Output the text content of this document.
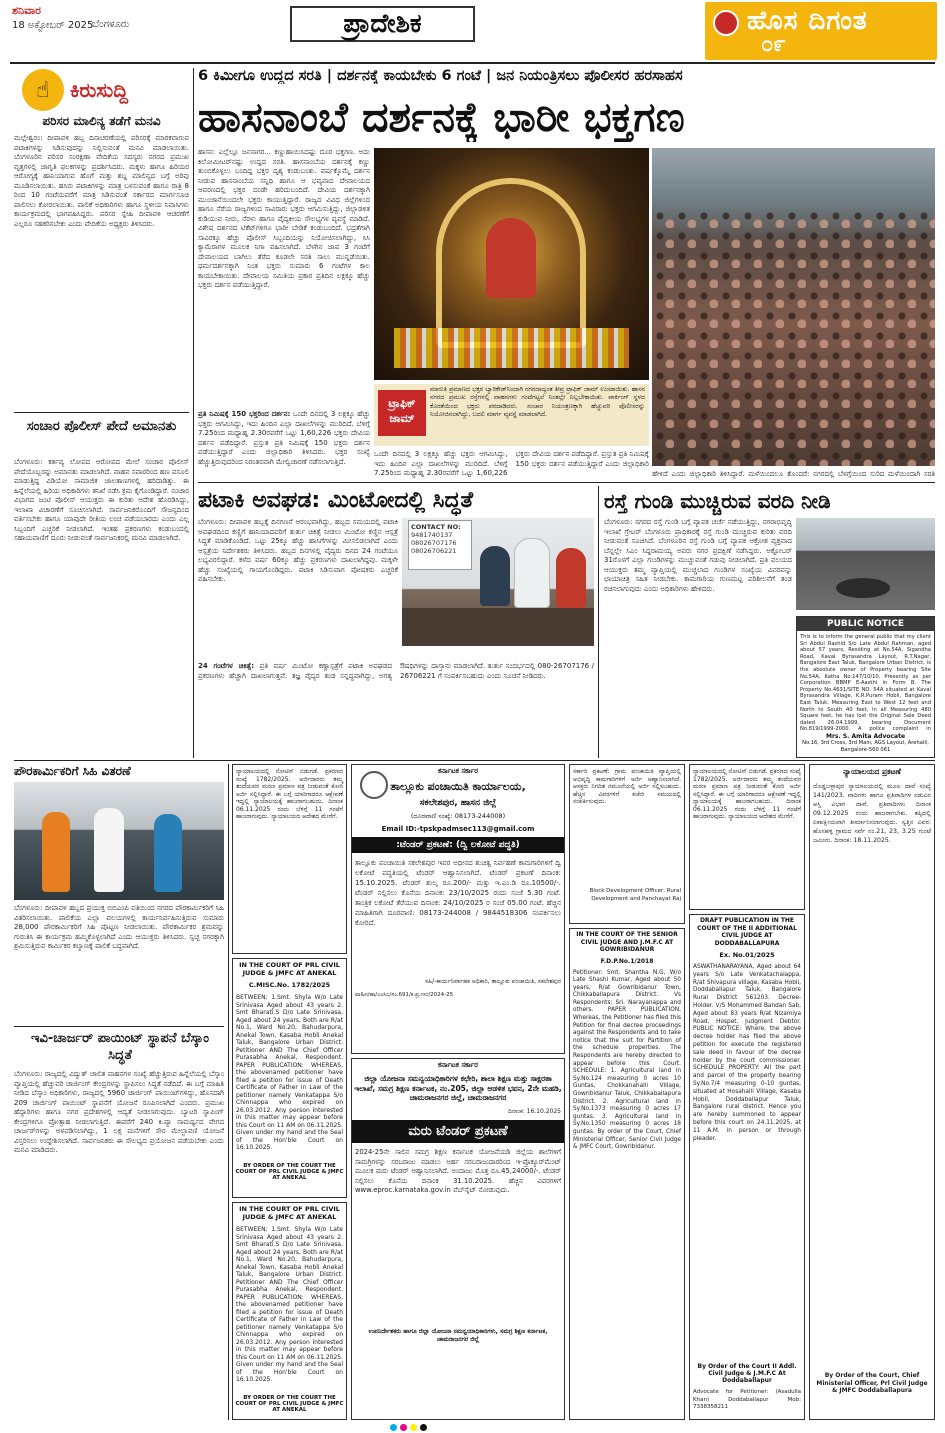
ಶನಿವಾರ
18 ಅಕ್ಟೋಬರ್ 2025
ಬೆಂಗಳೂರು	ಪ್ರಾದೇಶಿಕ	ಹೊಸ ದಿಗಂತ
೦೯
☝	ಕಿರುಸುದ್ದಿ
ಪರಿಸರ ಮಾಲಿನ್ಯ ತಡೆಗೆ ಮನವಿ
ಮಲ್ಲೇಶ್ವರಂ: ದೀಪಾವಳಿ ಹಬ್ಬ ದಿನಾಚರಣೆಯಲ್ಲಿ ಪರಿಸರಕ್ಕೆ ಮಾರಕವಾಗುವ ಪಟಾಕಿಗಳನ್ನು ಸಿಡಿಸುವುದನ್ನು ನಿಲ್ಲಿಸುವಂತೆ ಮನವಿ ಮಾಡಲಾಯಿತು. ಬೆಂಗಳೂರಿನ ಪರಿಸರ ಸಂರಕ್ಷಣಾ ವೇದಿಕೆಯ ಸದಸ್ಯರು ನಗರದ ಪ್ರಮುಖ ವೃತ್ತಗಳಲ್ಲಿ ಜಾಗೃತಿ ಫಲಕಗಳನ್ನು ಪ್ರದರ್ಶಿಸಿದರು. ಮಕ್ಕಳು ಹಾಗೂ ಹಿರಿಯರ ಆರೋಗ್ಯಕ್ಕೆ ಹಾನಿಯಾಗುವ ಹೊಗೆ ಮತ್ತು ಶಬ್ದ ಮಾಲಿನ್ಯದ ಬಗ್ಗೆ ಅರಿವು ಮೂಡಿಸಲಾಯಿತು. ಹಸಿರು ಪಟಾಕಿಗಳನ್ನು ಮಾತ್ರ ಬಳಸುವಂತೆ ಹಾಗೂ ರಾತ್ರಿ 8 ರಿಂದ 10 ಗಂಟೆಯವರೆಗೆ ಮಾತ್ರ ಸಿಡಿಸುವಂತೆ ಸರ್ಕಾರದ ಮಾರ್ಗಸೂಚಿ ಪಾಲಿಸಲು ಕೋರಲಾಯಿತು. ಪಾಲಿಕೆ ಅಧಿಕಾರಿಗಳು ಹಾಗೂ ಸ್ಥಳೀಯ ನಿವಾಸಿಗಳು ಕಾರ್ಯಕ್ರಮದಲ್ಲಿ ಭಾಗವಹಿಸಿದ್ದರು. ಪರಿಸರ ಸ್ನೇಹಿ ದೀಪಾವಳಿ ಆಚರಣೆಗೆ ಎಲ್ಲರೂ ಸಹಕರಿಸಬೇಕು ಎಂದು ವೇದಿಕೆಯ ಅಧ್ಯಕ್ಷರು ತಿಳಿಸಿದರು.
ಸಂಚಾರ ಪೊಲೀಸ್ ಪೇದೆ ಅಮಾನತು
ಬೆಂಗಳೂರು: ಕರ್ತವ್ಯ ಲೋಪದ ಆರೋಪದ ಮೇಲೆ ಸಂಚಾರ ಪೊಲೀಸ್ ಪೇದೆಯೊಬ್ಬರನ್ನು ಅಮಾನತು ಮಾಡಲಾಗಿದೆ. ವಾಹನ ಸವಾರರಿಂದ ಹಣ ವಸೂಲಿ ಮಾಡುತ್ತಿದ್ದ ವಿಡಿಯೋ ಸಾಮಾಜಿಕ ಜಾಲತಾಣಗಳಲ್ಲಿ ಹರಿದಾಡಿತ್ತು. ಈ ಹಿನ್ನೆಲೆಯಲ್ಲಿ ಹಿರಿಯ ಅಧಿಕಾರಿಗಳು ತನಿಖೆ ನಡೆಸಿ ಕ್ರಮ ಕೈಗೊಂಡಿದ್ದಾರೆ. ಸಂಚಾರ ವಿಭಾಗದ ಜಂಟಿ ಪೊಲೀಸ್ ಆಯುಕ್ತರು ಈ ಕುರಿತು ಆದೇಶ ಹೊರಡಿಸಿದ್ದು, ಇಲಾಖಾ ವಿಚಾರಣೆಗೆ ಸೂಚಿಸಲಾಗಿದೆ. ಸಾರ್ವಜನಿಕರೊಂದಿಗೆ ಸೌಜನ್ಯದಿಂದ ವರ್ತಿಸಬೇಕು ಹಾಗೂ ಯಾವುದೇ ರೀತಿಯ ಲಂಚ ಪಡೆಯಬಾರದು ಎಂದು ಎಲ್ಲ ಸಿಬ್ಬಂದಿಗೆ ಎಚ್ಚರಿಕೆ ನೀಡಲಾಗಿದೆ. ಇಂತಹ ಪ್ರಕರಣಗಳು ಕಂಡುಬಂದಲ್ಲಿ ಸಹಾಯವಾಣಿಗೆ ದೂರು ನೀಡುವಂತೆ ಸಾರ್ವಜನಿಕರಲ್ಲಿ ಮನವಿ ಮಾಡಲಾಗಿದೆ.
6 ಕಿಮೀಗೂ ಉದ್ದದ ಸರತಿ | ದರ್ಶನಕ್ಕೆ ಕಾಯಬೇಕು 6 ಗಂಟೆ | ಜನ ನಿಯಂತ್ರಿಸಲು ಪೊಲೀಸರ ಹರಸಾಹಸ
ಹಾಸನಾಂಬೆ ದರ್ಶನಕ್ಕೆ ಭಾರೀ ಭಕ್ತಗಣ
ಹಾಸನ: ಎಲ್ಲೆಲ್ಲೂ ಜನಸಾಗರ... ಕಣ್ಣುಹಾಯಿಸಿದಷ್ಟು ದೂರ ಭಕ್ತಗಣ. ಅದು ಕಿಲೋಮೀಟರ್‌ನಷ್ಟು ಉದ್ದದ ಸರತಿ. ಹಾಸನಾಂಬೆಯ ದರ್ಶನಕ್ಕೆ ಕಣ್ಣು ತುಂಬಿಕೊಳ್ಳಲು ಬಂದಿದ್ದ ಭಕ್ತರ ದೃಶ್ಯ ಕಂಡುಬಂತು. ವರ್ಷಕ್ಕೊಮ್ಮೆ ದರ್ಶನ ನೀಡುವ ಹಾಸನಾಂಬೆಯ ಸನ್ನಿಧಿ ಹಾಗೂ ಆ ಭವ್ಯವಾದ ದೇವಾಲಯದ ಆವರಣದಲ್ಲಿ ಭಕ್ತರ ದಂಡೇ ಹರಿದುಬಂದಿದೆ. ದೇವಿಯ ದರ್ಶನಕ್ಕಾಗಿ ಮುಂಜಾನೆಯಿಂದಲೇ ಭಕ್ತರು ಕಾಯುತ್ತಿದ್ದಾರೆ. ರಾಜ್ಯದ ವಿವಿಧ ಜಿಲ್ಲೆಗಳಿಂದ ಹಾಗೂ ನೆರೆಯ ರಾಜ್ಯಗಳಿಂದ ಸಾವಿರಾರು ಭಕ್ತರು ಆಗಮಿಸುತ್ತಿದ್ದು, ಜಿಲ್ಲಾಡಳಿತ ಕುಡಿಯುವ ನೀರು, ನೆರಳು ಹಾಗೂ ವೈದ್ಯಕೀಯ ಸೌಲಭ್ಯಗಳ ವ್ಯವಸ್ಥೆ ಮಾಡಿದೆ. ವಿಶೇಷ ದರ್ಶನದ ಟಿಕೆಟ್‌ಗಳಿಗೂ ಭಾರೀ ಬೇಡಿಕೆ ಕಂಡುಬಂದಿದೆ. ಭದ್ರತೆಗಾಗಿ ಸಾವಿರಕ್ಕೂ ಹೆಚ್ಚು ಪೊಲೀಸ್ ಸಿಬ್ಬಂದಿಯನ್ನು ನಿಯೋಜಿಸಲಾಗಿದ್ದು, ಸಿಸಿ ಕ್ಯಾಮೆರಾಗಳ ಮೂಲಕ ನಿಗಾ ವಹಿಸಲಾಗಿದೆ. ಬೆಳಗಿನ ಜಾವ 3 ಗಂಟೆಗೆ ದೇವಾಲಯದ ಬಾಗಿಲು ತೆರೆದ ಕೂಡಲೇ ಸರತಿ ಸಾಲು ಮುನ್ನಡೆಯಿತು. ಧರ್ಮದರ್ಶನಕ್ಕಾಗಿ ನಿಂತ ಭಕ್ತರು ಸುಮಾರು 6 ಗಂಟೆಗಳ ಕಾಲ ಕಾಯಬೇಕಾಯಿತು. ದೇವಾಲಯ ಸಮಿತಿಯ ಪ್ರಕಾರ ಪ್ರತಿದಿನ ಲಕ್ಷಕ್ಕೂ ಹೆಚ್ಚು ಭಕ್ತರು ದರ್ಶನ ಪಡೆಯುತ್ತಿದ್ದಾರೆ.
ಪ್ರತಿ ನಿಮಿಷಕ್ಕೆ 150 ಭಕ್ತರಿಂದ ದರ್ಶನ: ಒಂದೇ ದಿನದಲ್ಲಿ 3 ಲಕ್ಷಕ್ಕೂ ಹೆಚ್ಚು ಭಕ್ತರು ಆಗಮಿಸಿದ್ದು, ಇದು ಹಿಂದಿನ ಎಲ್ಲಾ ದಾಖಲೆಗಳನ್ನು ಮುರಿದಿದೆ. ಬೆಳಿಗ್ಗೆ 7.25ರಿಂದ ಮಧ್ಯಾಹ್ನ 2.30ರವರೆಗೆ ಒಟ್ಟು 1,60,226 ಭಕ್ತರು ದೇವಿಯ ದರ್ಶನ ಪಡೆದಿದ್ದಾರೆ. ಪ್ರಸ್ತುತ ಪ್ರತಿ ನಿಮಿಷಕ್ಕೆ 150 ಭಕ್ತರು ದರ್ಶನ ಪಡೆಯುತ್ತಿದ್ದಾರೆ ಎಂದು ಜಿಲ್ಲಾಧಿಕಾರಿ ತಿಳಿಸಿದರು. ಭಕ್ತರ ಸಂಖ್ಯೆ ಹೆಚ್ಚುತ್ತಿರುವುದರಿಂದ ನಿರಂತರವಾಗಿ ಮೇಲ್ವಿಚಾರಣೆ ನಡೆಸಲಾಗುತ್ತಿದೆ.
ಟ್ರಾಫಿಕ್ ಜಾಮ್
ಮಾರುತಿ ಪ್ರಮಾಣದ ಭಕ್ತರ ಬ್ಯಾರಿಕೇಡ್‌ನಿಂದಾಗಿ ನಗರದಾದ್ಯಂತ ತೀವ್ರ ಟ್ರಾಫಿಕ್ ಜಾಮ್ ಉಂಟಾಯಿತು. ಹಾಸನ ನಗರದ ಪ್ರಮುಖ ರಸ್ತೆಗಳಲ್ಲಿ ವಾಹನಗಳು ಗಂಟೆಗಟ್ಟಲೆ ನಿಂತಲ್ಲೇ ನಿಲ್ಲಬೇಕಾಯಿತು. ಪಾರ್ಕಿಂಗ್ ಸ್ಥಳದ ಕೊರತೆಯಿಂದ ಭಕ್ತರು ಪರದಾಡಿದರು. ಸಂಚಾರ ನಿಯಂತ್ರಣಕ್ಕಾಗಿ ಹೆಚ್ಚುವರಿ ಪೊಲೀಸರನ್ನು ನಿಯೋಜಿಸಲಾಗಿದ್ದು, ಬದಲಿ ಮಾರ್ಗ ವ್ಯವಸ್ಥೆ ಮಾಡಲಾಗಿದೆ.
ಒಂದೇ ದಿನದಲ್ಲಿ 3 ಲಕ್ಷಕ್ಕೂ ಹೆಚ್ಚು ಭಕ್ತರು ಆಗಮಿಸಿದ್ದು, ಇದು ಹಿಂದಿನ ಎಲ್ಲಾ ದಾಖಲೆಗಳನ್ನು ಮುರಿದಿದೆ. ಬೆಳಿಗ್ಗೆ 7.25ರಿಂದ ಮಧ್ಯಾಹ್ನ 2.30ರವರೆಗೆ ಒಟ್ಟು 1,60,226 ಭಕ್ತರು ದೇವಿಯ ದರ್ಶನ ಪಡೆದಿದ್ದಾರೆ. ಪ್ರಸ್ತುತ ಪ್ರತಿ ನಿಮಿಷಕ್ಕೆ 150 ಭಕ್ತರು ದರ್ಶನ ಪಡೆಯುತ್ತಿದ್ದಾರೆ ಎಂದು ಜಿಲ್ಲಾಧಿಕಾರಿ
ಹೇಳಿದೆ ಎಂದು ಜಿಲ್ಲಾಧಿಕಾರಿ ತಿಳಿಸಿದ್ದಾರೆ. ಮಳೆಯಿಂದಲೂ ತೊಂದರೆ: ನಗರದಲ್ಲಿ ಬೆಳಗ್ಗೆಯಿಂದ ಸುರಿದ ಮಳೆಯಿಂದಾಗಿ ಸರತಿ
ಪಟಾಕಿ ಅವಘಡ: ಮಿಂಟೋದಲ್ಲಿ ಸಿದ್ಧತೆ
ಬೆಂಗಳೂರು: ದೀಪಾವಳಿ ಹಬ್ಬಕ್ಕೆ ದಿನಗಣನೆ ಆರಂಭವಾಗಿದ್ದು, ಹಬ್ಬದ ಸಮಯದಲ್ಲಿ ಪಟಾಕಿ ಅವಘಡದಿಂದ ಕಣ್ಣಿಗೆ ಹಾನಿಯಾದವರಿಗೆ ತುರ್ತು ಚಿಕಿತ್ಸೆ ನೀಡಲು ಮಿಂಟೋ ಕಣ್ಣಿನ ಆಸ್ಪತ್ರೆ ಸಿದ್ಧತೆ ಮಾಡಿಕೊಂಡಿದೆ. ಒಟ್ಟು 25ಕ್ಕೂ ಹೆಚ್ಚು ಹಾಸಿಗೆಗಳನ್ನು ಮೀಸಲಿಡಲಾಗಿದೆ ಎಂದು ಆಸ್ಪತ್ರೆಯ ನಿರ್ದೇಶಕರು ತಿಳಿಸಿದರು. ಹಬ್ಬದ ದಿನಗಳಲ್ಲಿ ವೈದ್ಯರು ದಿನದ 24 ಗಂಟೆಯೂ ಲಭ್ಯವಿರಲಿದ್ದಾರೆ. ಕಳೆದ ವರ್ಷ 60ಕ್ಕೂ ಹೆಚ್ಚು ಪ್ರಕರಣಗಳು ದಾಖಲಾಗಿದ್ದವು. ಮಕ್ಕಳೇ ಹೆಚ್ಚು ಸಂಖ್ಯೆಯಲ್ಲಿ ಗಾಯಗೊಂಡಿದ್ದರು. ಪಟಾಕಿ ಸಿಡಿಸುವಾಗ ಪೋಷಕರು ಎಚ್ಚರಿಕೆ ವಹಿಸಬೇಕು.
CONTACT NO:
9481740137
08026707176
08026706221
24 ಗಂಟೆಗಳ ಚಿಕಿತ್ಸೆ: ಪ್ರತಿ ವರ್ಷ ಮಿಂಟೋ ಕಣ್ಣಾಸ್ಪತ್ರೆಗೆ ಪಟಾಕಿ ಅವಘಡದ ಪ್ರಕರಣಗಳು ಹೆಚ್ಚಾಗಿ ದಾಖಲಾಗುತ್ತವೆ. ತಜ್ಞ ವೈದ್ಯರ ತಂಡ ಸನ್ನದ್ಧವಾಗಿದ್ದು, ಅಗತ್ಯ ಔಷಧಿಗಳನ್ನು ದಾಸ್ತಾನು ಮಾಡಲಾಗಿದೆ. ತುರ್ತು ಸಂದರ್ಭದಲ್ಲಿ 080-26707176 / 26706221 ಗೆ ಸಂಪರ್ಕಿಸಬಹುದು ಎಂದು ಸೂಚನೆ ನೀಡಿದರು.
ರಸ್ತೆ ಗುಂಡಿ ಮುಚ್ಚಿರುವ ವರದಿ ನೀಡಿ
ಬೆಂಗಳೂರು: ನಗರದ ರಸ್ತೆ ಗುಂಡಿ ಬಗ್ಗೆ ವ್ಯಾಪಕ ಚರ್ಚೆ ನಡೆಯುತ್ತಿದ್ದು, ನಗರಾಭಿವೃದ್ಧಿ ಇಲಾಖೆ ಗ್ರೇಟರ್ ಬೆಂಗಳೂರು ಪ್ರಾಧಿಕಾರಕ್ಕೆ ರಸ್ತೆ ಗುಂಡಿ ಮುಚ್ಚಿರುವ ಕುರಿತು ವರದಿ ನೀಡುವಂತೆ ಸೂಚಿಸಿದೆ. ಬೆಂಗಳೂರಿನ ರಸ್ತೆ ಗುಂಡಿ ಬಗ್ಗೆ ವ್ಯಾಪಕ ಆಕ್ರೋಶ ವ್ಯಕ್ತವಾದ ಬೆನ್ನಲ್ಲೇ ಸಿಎಂ ಸಿದ್ದರಾಮಯ್ಯ ಅವರು ನಗರ ಪ್ರದಕ್ಷಿಣೆ ನಡೆಸಿದ್ದರು. ಅಕ್ಟೋಬರ್ 31ರೊಳಗೆ ಎಲ್ಲಾ ಗುಂಡಿಗಳನ್ನು ಮುಚ್ಚುವಂತೆ ಗಡುವು ನೀಡಲಾಗಿದೆ. ಪ್ರತಿ ವಲಯದ ಆಯುಕ್ತರು ತಮ್ಮ ವ್ಯಾಪ್ತಿಯಲ್ಲಿ ಮುಚ್ಚಲಾದ ಗುಂಡಿಗಳ ಸಂಖ್ಯೆಯ ವಿವರವನ್ನು ಛಾಯಾಚಿತ್ರ ಸಹಿತ ನೀಡಬೇಕು. ಕಾಮಗಾರಿಯ ಗುಣಮಟ್ಟ ಪರಿಶೀಲನೆಗೆ ತಂಡ ರಚಿಸಲಾಗುವುದು ಎಂದು ಅಧಿಕಾರಿಗಳು ಹೇಳಿದರು.
PUBLIC NOTICE
This is to inform the general public that my client Sri Abdul Rashid S/o Late Abdul Rahman, aged about 57 years, Residing at No.54A, Sigandha Road, Kaval Byrasandra Layout, R.T.Nagar, Bangalore East Taluk, Bangalore Urban District, is the absolute owner of Property bearing Site No.54A, Katha No.147/10/10, Presently as per Corporation BBMP E-Aasthi in Form B. The Property No.4631/SITE NO. 54A situated at Kaval Byrasandra Village, K.R.Puram Hobli, Bangalore East Taluk. Measuring East to West 12 feet and North to South 40 feet, in all Measuring 480 Square feet, he has lost the Original Sale Deed dated 26.04.1999, bearing Document No.819/1999-2000. A police complaint in
Mrs. S. Amita Advocate
No.16, 3rd Cross, 3rd Main, AGS Layout, Arehalli, Bangalore-560 061
ಪೌರಕಾರ್ಮಿಕರಿಗೆ ಸಿಹಿ ವಿತರಣೆ
ಬೆಂಗಳೂರು: ದೀಪಾವಳಿ ಹಬ್ಬದ ಪ್ರಯುಕ್ತ ಬಿಬಿಎಂಪಿ ವತಿಯಿಂದ ನಗರದ ಪೌರಕಾರ್ಮಿಕರಿಗೆ ಸಿಹಿ ವಿತರಿಸಲಾಯಿತು. ಪಾಲಿಕೆಯ ಎಲ್ಲಾ ವಲಯಗಳಲ್ಲಿ ಕಾರ್ಯನಿರ್ವಹಿಸುತ್ತಿರುವ ಸುಮಾರು 28,000 ಪೌರಕಾರ್ಮಿಕರಿಗೆ ಸಿಹಿ ಪೊಟ್ಟಣ ನೀಡಲಾಯಿತು. ಪೌರಕಾರ್ಮಿಕರ ಶ್ರಮವನ್ನು ಗುರುತಿಸಿ ಈ ಕಾರ್ಯಕ್ರಮ ಹಮ್ಮಿಕೊಳ್ಳಲಾಗಿದೆ ಎಂದು ಆಯುಕ್ತರು ತಿಳಿಸಿದರು. ಸ್ವಚ್ಛ ನಗರಕ್ಕಾಗಿ ಶ್ರಮಿಸುತ್ತಿರುವ ಕಾರ್ಮಿಕರ ಕಲ್ಯಾಣಕ್ಕೆ ಪಾಲಿಕೆ ಬದ್ಧವಾಗಿದೆ.
ಇವಿ-ಚಾರ್ಜರ್ ಪಾಯಿಂಟ್ ಸ್ಥಾಪನೆ ಬೆಸ್ಕಾಂ ಸಿದ್ಧತೆ
ಬೆಂಗಳೂರು: ರಾಜ್ಯದಲ್ಲಿ ವಿದ್ಯುತ್ ಚಾಲಿತ ವಾಹನಗಳ ಸಂಖ್ಯೆ ಹೆಚ್ಚುತ್ತಿರುವ ಹಿನ್ನೆಲೆಯಲ್ಲಿ ಬೆಸ್ಕಾಂ ವ್ಯಾಪ್ತಿಯಲ್ಲಿ ಹೆಚ್ಚುವರಿ ಚಾರ್ಜಿಂಗ್ ಕೇಂದ್ರಗಳನ್ನು ಸ್ಥಾಪಿಸಲು ಸಿದ್ಧತೆ ನಡೆದಿದೆ. ಈ ಬಗ್ಗೆ ಮಾಹಿತಿ ನೀಡಿದ ಬೆಸ್ಕಾಂ ಅಧಿಕಾರಿಗಳು, ರಾಜ್ಯದಲ್ಲಿ 5960 ಚಾರ್ಜಿಂಗ್ ಪಾಯಿಂಟ್‌ಗಳಿದ್ದು, ಹೊಸದಾಗಿ 209 ಚಾರ್ಜಿಂಗ್ ಪಾಯಿಂಟ್ ಸ್ಥಾಪನೆಗೆ ಯೋಜನೆ ರೂಪಿಸಲಾಗಿದೆ ಎಂದರು. ಪ್ರಮುಖ ಹೆದ್ದಾರಿಗಳು ಹಾಗೂ ನಗರ ಪ್ರದೇಶಗಳಲ್ಲಿ ಆದ್ಯತೆ ನೀಡಲಾಗುವುದು. ಬ್ಯಾಟರಿ ಸ್ವಾಪಿಂಗ್ ಕೇಂದ್ರಗಳಿಗೂ ಪ್ರೋತ್ಸಾಹ ನೀಡಲಾಗುತ್ತಿದೆ. ಈವರೆಗೆ 240 ಕಿ.ವ್ಯಾ ಸಾಮರ್ಥ್ಯದ ವೇಗದ ಚಾರ್ಜರ್‌ಗಳನ್ನು ಅಳವಡಿಸಲಾಗಿದ್ದು, 1 ಲಕ್ಷ ಮನೆಗಳಿಗೆ ಸೌರ ಮೇಲ್ಛಾವಣಿ ಯೋಜನೆ ವಿಸ್ತರಿಸಲು ಉದ್ದೇಶಿಸಲಾಗಿದೆ. ಸಾರ್ವಜನಿಕರು ಈ ಸೌಲಭ್ಯದ ಪ್ರಯೋಜನ ಪಡೆಯಬೇಕು ಎಂದು ಮನವಿ ಮಾಡಿದರು.
ನ್ಯಾಯಾಲಯದಲ್ಲಿ ನೋಟಿಸ್ ಬಿಡುಗಡೆ. ಪ್ರಕರಣದ ಸಂಖ್ಯೆ 1782/2025. ಅರ್ಜಿದಾರರು ತಮ್ಮ ತಂದೆಯವರ ಮರಣ ಪ್ರಮಾಣ ಪತ್ರ ನೀಡುವಂತೆ ಕೋರಿ ಅರ್ಜಿ ಸಲ್ಲಿಸಿದ್ದಾರೆ. ಈ ಬಗ್ಗೆ ಯಾರಿಗಾದರೂ ಆಕ್ಷೇಪಣೆ ಇದ್ದಲ್ಲಿ ನ್ಯಾಯಾಲಯಕ್ಕೆ ಹಾಜರಾಗಬಹುದು. ದಿನಾಂಕ 06.11.2025 ರಂದು ಬೆಳಿಗ್ಗೆ 11 ಗಂಟೆಗೆ ಹಾಜರಾಗುವುದು. ನ್ಯಾಯಾಲಯದ ಆದೇಶದ ಮೇರೆಗೆ.
IN THE COURT OF PRL CIVIL JUDGE & JMFC AT ANEKAL
C.MISC.No. 1782/2025
BETWEEN: 1.Smt. Shyla W/o Late Srinivasa Aged about 43 years 2. Smt Bharati.S D/o Late Srinivasa, Aged about 24 years, Both are R/at No.1, Ward No.20, Bahudarpura, Anekal Town, Kasaba Hobli Anekal Taluk, Bangalore Urban District. Petitioner AND The Chief Officer Purasabha Anekal, Respondent. PAPER PUBLICATION: WHEREAS, the abovenamed petitioner have filed a petition for issue of Death Certificate of Father in Law of the petitioner namely Venkatappa S/o Chinnappa who expired on 26.03.2012. Any person interested in this matter may appear before this Court on 11 AM on 06.11.2025. Given under my hand and the Seal of the Hon'ble Court on 16.10.2025.
BY ORDER OF THE COURT THE COURT OF PRL CIVIL JUDGE & JMFC AT ANEKAL
IN THE COURT OF PRL CIVIL JUDGE & JMFC AT ANEKAL
BETWEEN: 1.Smt. Shyla W/o Late Srinivasa Aged about 43 years 2. Smt Bharati.S D/o Late Srinivasa, Aged about 24 years, Both are R/at No.1, Ward No.20, Bahudarpura, Anekal Town, Kasaba Hobli Anekal Taluk, Bangalore Urban District. Petitioner AND The Chief Officer Purasabha Anekal, Respondent. PAPER PUBLICATION: WHEREAS, the abovenamed petitioner have filed a petition for issue of Death Certificate of Father in Law of the petitioner namely Venkatappa S/o Chinnappa who expired on 26.03.2012. Any person interested in this matter may appear before this Court on 11 AM on 06.11.2025. Given under my hand and the Seal of the Hon'ble Court on 16.10.2025.
BY ORDER OF THE COURT THE COURT OF PRL CIVIL JUDGE & JMFC AT ANEKAL
ಕರ್ನಾಟಕ ಸರ್ಕಾರ
ತಾಲ್ಲೂಕು ಪಂಚಾಯಿತಿ ಕಾರ್ಯಾಲಯ,
ಸಕಲೇಶಪುರ, ಹಾಸನ ಜಿಲ್ಲೆ
(ದೂರವಾಣಿ ಸಂಖ್ಯೆ: 08173-244008)
Email ID:-tpskpadmsec113@gmail.com
:ಟೆಂಡರ್ ಪ್ರಕಟಣೆ: (ದ್ವಿ ಲಕೋಟೆ ಪದ್ಧತಿ)
ತಾಲ್ಲೂಕು ಪಂಚಾಯಿತಿ ಸಕಲೇಶಪುರ ಇವರ ಅಧೀನದ ಶುಚಿತ್ವ ನಿರ್ವಹಣೆ ಕಾಮಗಾರಿಗಳಿಗೆ ದ್ವಿ ಲಕೋಟೆ ಪದ್ಧತಿಯಲ್ಲಿ ಟೆಂಡರ್ ಆಹ್ವಾನಿಸಲಾಗಿದೆ. ಟೆಂಡರ್ ಪ್ರಕಟಣೆ ದಿನಾಂಕ: 15.10.2025. ಟೆಂಡರ್ ಶುಲ್ಕ ರೂ.200/- ಮತ್ತು ಇ.ಎಂ.ಡಿ ರೂ.10500/-. ಟೆಂಡರ್ ಸಲ್ಲಿಸಲು ಕೊನೆಯ ದಿನಾಂಕ: 23/10/2025 ರಂದು ಸಂಜೆ 5.30 ಗಂಟೆ. ತಾಂತ್ರಿಕ ಲಕೋಟೆ ತೆರೆಯುವ ದಿನಾಂಕ: 24/10/2025 ರ ಸಂಜೆ 05.00 ಗಂಟೆ. ಹೆಚ್ಚಿನ ಮಾಹಿತಿಗಾಗಿ ದೂರವಾಣಿ: 08173-244008 / 9844518306 ಸಂಪರ್ಕಿಸಲು ಕೋರಿದೆ.
ಸಹಿ/-ಕಾರ್ಯನಿರ್ವಾಹಕ ಅಧಿಕಾರಿ, ತಾಲ್ಲೂಕು ಪಂಚಾಯಿತಿ, ಸಕಲೇಶಪುರ
ವಾ&ಸ/ಹಾ/ಎಂಸಿಎ/ಸಂ.691/ಕ.ಪ್ರ.ಗಳು/2024-25
ಕರ್ನಾಟಕ ಸರ್ಕಾರ
ಜಿಲ್ಲಾ ಯೋಜನಾ ಸಮನ್ವಯಾಧಿಕಾರಿಗಳ ಕಛೇರಿ, ಶಾಲಾ ಶಿಕ್ಷಣ ಮತ್ತು ಸಾಕ್ಷರತಾ ಇಲಾಖೆ, ಸಮಗ್ರ ಶಿಕ್ಷಣ ಕರ್ನಾಟಕ, ನಂ.205, ಜಿಲ್ಲಾ ಆಡಳಿತ ಭವನ, 2ನೇ ಮಹಡಿ, ಚಾಮರಾಜನಗರ ಜಿಲ್ಲೆ, ಚಾಮರಾಜನಗರ
ದಿನಾಂಕ: 16.10.2025
ಮರು ಟೆಂಡರ್ ಪ್ರಕಟಣೆ
2024-25ನೇ ಸಾಲಿನ ಸಮಗ್ರ ಶಿಕ್ಷಣ ಕರ್ನಾಟಕ ಯೋಜನೆಯಡಿ ಜಿಲ್ಲೆಯ ಶಾಲೆಗಳಿಗೆ ಸಾಮಗ್ರಿಗಳನ್ನು ಸರಬರಾಜು ಮಾಡಲು ಅರ್ಹ ಸರಬರಾಜುದಾರರಿಂದ ಇ-ಪ್ರೊಕ್ಯೂರ್‌ಮೆಂಟ್ ಮೂಲಕ ಮರು ಟೆಂಡರ್ ಆಹ್ವಾನಿಸಲಾಗಿದೆ. ಅಂದಾಜು ಮೊತ್ತ ರೂ.45,24000/-. ಟೆಂಡರ್ ಸಲ್ಲಿಸಲು ಕೊನೆಯ ದಿನಾಂಕ 31.10.2025. ಹೆಚ್ಚಿನ ವಿವರಗಳಿಗೆ www.eproc.karnataka.gov.in ವೆಬ್‌ಸೈಟ್ ನೋಡುವುದು.
ಉಪನಿರ್ದೇಶಕರು ಹಾಗೂ ಜಿಲ್ಲಾ ಯೋಜನಾ ಸಮನ್ವಯಾಧಿಕಾರಿಗಳು, ಸಮಗ್ರ ಶಿಕ್ಷಣ ಕರ್ನಾಟಕ, ಚಾಮರಾಜನಗರ ಜಿಲ್ಲೆ
ಸರ್ಕಾರಿ ಪ್ರಕಟಣೆ: ಗ್ರಾಮ ಪಂಚಾಯಿತಿ ವ್ಯಾಪ್ತಿಯಲ್ಲಿ ಅಭಿವೃದ್ಧಿ ಕಾಮಗಾರಿಗಳಿಗೆ ಅರ್ಜಿ ಆಹ್ವಾನಿಸಲಾಗಿದೆ. ಆಸಕ್ತರು ನಿಗದಿತ ನಮೂನೆಯಲ್ಲಿ ಅರ್ಜಿ ಸಲ್ಲಿಸಬಹುದು. ಹೆಚ್ಚಿನ ವಿವರಗಳಿಗೆ ಕಚೇರಿ ಸಮಯದಲ್ಲಿ ಸಂಪರ್ಕಿಸುವುದು.
Block Development Officer, Rural Development and Panchayat Raj
IN THE COURT OF THE SENIOR CIVIL JUDGE AND J.M.F.C AT GOWRIBIDANUR
F.D.P.No.1/2018
Petitioner: Smt. Shantha N.G, W/o Late Shashi Kumar, Aged about 50 years, R/at Gowribidanur Town, Chikkaballapura District. Vs Respondents: Sri. Narayanappa and others. PAPER PUBLICATION. Whereas, the Petitioner has filed this Petition for final decree proceedings against the Respondents and to take notice that the suit for Partition of the schedule properties. The Respondents are hereby directed to appear before this Court. SCHEDULE: 1. Agricultural land in Sy.No.124 measuring 0 acres 10 Guntas, Chokkanahalli Village, Gowribidanur Taluk, Chikkaballapura District. 2. Agricultural land in Sy.No.1373 measuring 0 acres 17 guntas. 3. Agricultural land in Sy.No.1350 measuring 0 acres 18 guntas. By order of the Court, Chief Ministerial Officer, Senior Civil Judge & JMFC Court, Gowribidanur.
ನ್ಯಾಯಾಲಯದಲ್ಲಿ ನೋಟಿಸ್ ಬಿಡುಗಡೆ. ಪ್ರಕರಣದ ಸಂಖ್ಯೆ 1782/2025. ಅರ್ಜಿದಾರರು ತಮ್ಮ ತಂದೆಯವರ ಮರಣ ಪ್ರಮಾಣ ಪತ್ರ ನೀಡುವಂತೆ ಕೋರಿ ಅರ್ಜಿ ಸಲ್ಲಿಸಿದ್ದಾರೆ. ಈ ಬಗ್ಗೆ ಯಾರಿಗಾದರೂ ಆಕ್ಷೇಪಣೆ ಇದ್ದಲ್ಲಿ ನ್ಯಾಯಾಲಯಕ್ಕೆ ಹಾಜರಾಗಬಹುದು. ದಿನಾಂಕ 06.11.2025 ರಂದು ಬೆಳಿಗ್ಗೆ 11 ಗಂಟೆಗೆ ಹಾಜರಾಗುವುದು. ನ್ಯಾಯಾಲಯದ ಆದೇಶದ ಮೇರೆಗೆ.
DRAFT PUBLICATION IN THE COURT OF THE II ADDITIONAL CIVIL JUDGE AT DODDABALLAPURA
Ex. No.01/2025
ASWATHANARAYANA, Aged about 64 years S/o Late Venkatachalappa, R/at Shivapura village, Kasaba Hobli, Doddaballapur Taluk, Bangalore Rural District 561203. Decree-Holder. V/S Mohammed Bandan Sab, Aged about 83 years R/at Nizamiya Road, Hospet. Judgment Debtor. PUBLIC NOTICE: Where, the above decree holder has filed the above petition for execute the registered sale deed in favour of the decree holder by the court commissioner. SCHEDULE PROPERTY: All the part and parcel of the property bearing Sy.No.7/4 measuring 0-10 guntas, situated at Hosahalli Village, Kasaba Hobli, Doddaballapur Taluk, Bangalore rural district. Hence you are hereby summoned to appear before this court on 24.11.2025, at 11 A.M. in person or through pleader.
By Order of the Court II Addl. Civil Judge & J.M.F.C At Doddaballapur
Advocate for Petitioner: (Asadulla Khan) Doddaballapur Mob: 7338358211
ನ್ಯಾಯಾಲಯದ ಪ್ರಕಟಣೆ
ದೊಡ್ಡಬಳ್ಳಾಪುರ ನ್ಯಾಯಾಲಯದಲ್ಲಿ ಮೂಲ ದಾವೆ ಸಂಖ್ಯೆ 141/2023. ವಾದಿಗಳು ಹಾಗೂ ಪ್ರತಿವಾದಿಗಳ ನಡುವಿನ ಆಸ್ತಿ ವಿಭಾಗ ದಾವೆ. ಪ್ರತಿವಾದಿಗಳು ದಿನಾಂಕ 09.12.2025 ರಂದು ಹಾಜರಾಗಬೇಕು. ತಪ್ಪಿದಲ್ಲಿ ಏಕಪಕ್ಷೀಯವಾಗಿ ತೀರ್ಮಾನಿಸಲಾಗುವುದು. ಸ್ವತ್ತಿನ ವಿವರ: ಹೊಸಹಳ್ಳಿ ಗ್ರಾಮದ ಸರ್ವೆ ನಂ.21, 23, 3.25 ಗುಂಟೆ ಜಮೀನು. ದಿನಾಂಕ: 18.11.2025.
By Order of the Court, Chief Ministerial Officer, Prl Civil Judge & JMFC Doddaballapura
